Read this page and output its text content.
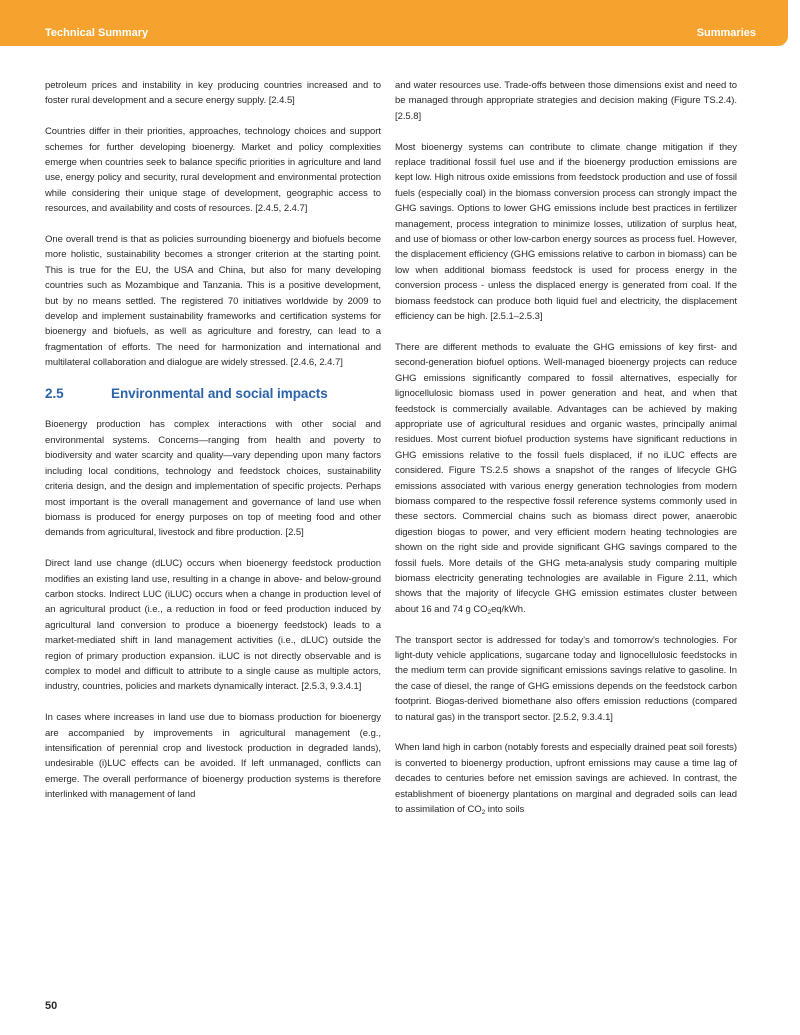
Technical Summary	Summaries

petroleum prices and instability in key producing countries increased and to foster rural development and a secure energy supply. [2.4.5]

Countries differ in their priorities, approaches, technology choices and support schemes for further developing bioenergy. Market and policy complexities emerge when countries seek to balance specific priorities in agriculture and land use, energy policy and security, rural development and environmental protection while considering their unique stage of development, geographic access to resources, and availability and costs of resources. [2.4.5, 2.4.7]

One overall trend is that as policies surrounding bioenergy and biofuels become more holistic, sustainability becomes a stronger criterion at the starting point. This is true for the EU, the USA and China, but also for many developing countries such as Mozambique and Tanzania. This is a positive development, but by no means settled. The registered 70 initiatives worldwide by 2009 to develop and implement sustainability frameworks and certification systems for bioenergy and biofuels, as well as agriculture and forestry, can lead to a fragmentation of efforts. The need for harmonization and international and multilateral collaboration and dialogue are widely stressed. [2.4.6, 2.4.7]

2.5	Environmental and social impacts

Bioenergy production has complex interactions with other social and environmental systems. Concerns—ranging from health and poverty to biodiversity and water scarcity and quality—vary depending upon many factors including local conditions, technology and feedstock choices, sustainability criteria design, and the design and implementation of specific projects. Perhaps most important is the overall management and governance of land use when biomass is produced for energy purposes on top of meeting food and other demands from agricultural, livestock and fibre production. [2.5]

Direct land use change (dLUC) occurs when bioenergy feedstock production modifies an existing land use, resulting in a change in above- and below-ground carbon stocks. Indirect LUC (iLUC) occurs when a change in production level of an agricultural product (i.e., a reduction in food or feed production induced by agricultural land conversion to produce a bioenergy feedstock) leads to a market-mediated shift in land management activities (i.e., dLUC) outside the region of primary production expansion. iLUC is not directly observable and is complex to model and difficult to attribute to a single cause as multiple actors, industry, countries, policies and markets dynamically interact. [2.5.3, 9.3.4.1]

In cases where increases in land use due to biomass production for bioenergy are accompanied by improvements in agricultural management (e.g., intensification of perennial crop and livestock production in degraded lands), undesirable (i)LUC effects can be avoided. If left unmanaged, conflicts can emerge. The overall performance of bioenergy production systems is therefore interlinked with management of land

and water resources use. Trade-offs between those dimensions exist and need to be managed through appropriate strategies and decision making (Figure TS.2.4). [2.5.8]

Most bioenergy systems can contribute to climate change mitigation if they replace traditional fossil fuel use and if the bioenergy production emissions are kept low. High nitrous oxide emissions from feedstock production and use of fossil fuels (especially coal) in the biomass conversion process can strongly impact the GHG savings. Options to lower GHG emissions include best practices in fertilizer management, process integration to minimize losses, utilization of surplus heat, and use of biomass or other low-carbon energy sources as process fuel. However, the displacement efficiency (GHG emissions relative to carbon in biomass) can be low when additional biomass feedstock is used for process energy in the conversion process - unless the displaced energy is generated from coal. If the biomass feedstock can produce both liquid fuel and electricity, the displacement efficiency can be high. [2.5.1–2.5.3]

There are different methods to evaluate the GHG emissions of key first- and second-generation biofuel options. Well-managed bioenergy projects can reduce GHG emissions significantly compared to fossil alternatives, especially for lignocellulosic biomass used in power generation and heat, and when that feedstock is commercially available. Advantages can be achieved by making appropriate use of agricultural residues and organic wastes, principally animal residues. Most current biofuel production systems have significant reductions in GHG emissions relative to the fossil fuels displaced, if no iLUC effects are considered. Figure TS.2.5 shows a snapshot of the ranges of lifecycle GHG emissions associated with various energy generation technologies from modern biomass compared to the respective fossil reference systems commonly used in these sectors. Commercial chains such as biomass direct power, anaerobic digestion biogas to power, and very efficient modern heating technologies are shown on the right side and provide significant GHG savings compared to the fossil fuels. More details of the GHG meta-analysis study comparing multiple biomass electricity generating technologies are available in Figure 2.11, which shows that the majority of lifecycle GHG emission estimates cluster between about 16 and 74 g $CO_2eq$/kWh.

The transport sector is addressed for today’s and tomorrow’s technologies. For light-duty vehicle applications, sugarcane today and lignocellulosic feedstocks in the medium term can provide significant emissions savings relative to gasoline. In the case of diesel, the range of GHG emissions depends on the feedstock carbon footprint. Biogas-derived biomethane also offers emission reductions (compared to natural gas) in the transport sector. [2.5.2, 9.3.4.1]

When land high in carbon (notably forests and especially drained peat soil forests) is converted to bioenergy production, upfront emissions may cause a time lag of decades to centuries before net emission savings are achieved. In contrast, the establishment of bioenergy plantations on marginal and degraded soils can lead to assimilation of $CO_2$ into soils

50
